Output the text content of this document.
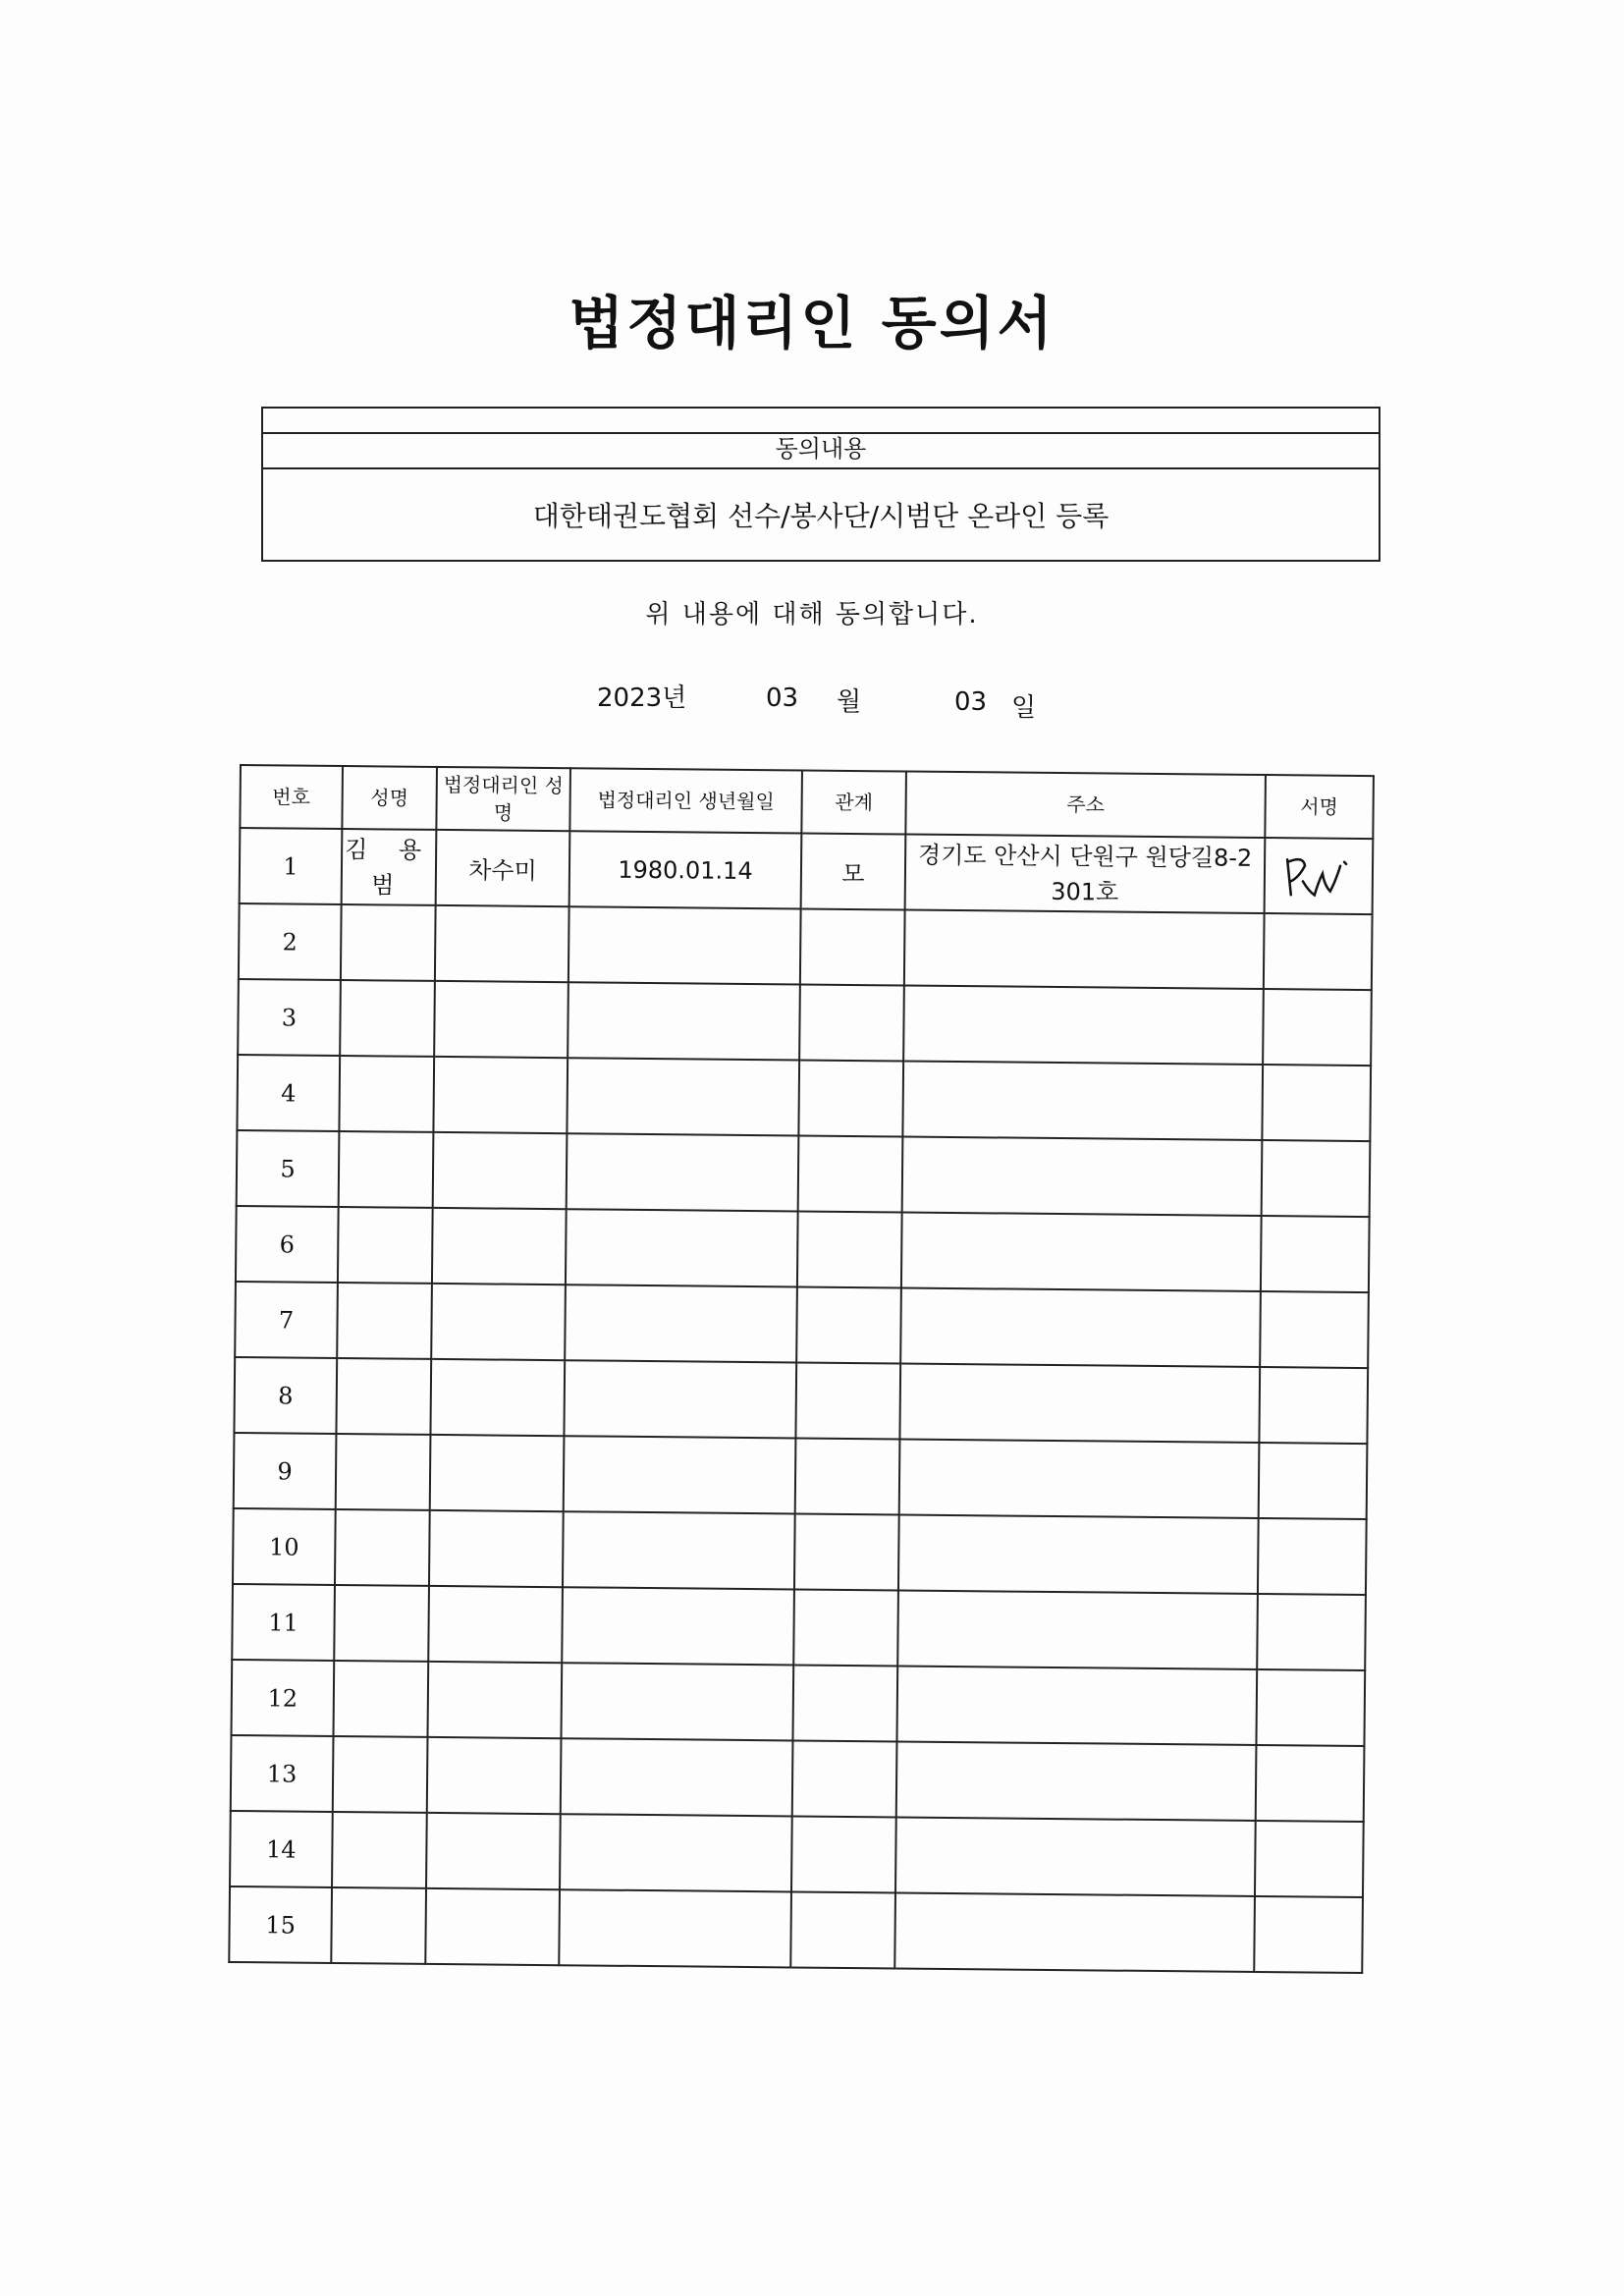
법정대리인 동의서
동의내용
대한태권도협회 선수/봉사단/시범단 온라인 등록
위 내용에 대해 동의합니다.
2023년	03 월	03 일
번호	성명	법정대리인 성명	법정대리인 생년월일	관계	주소	서명
1	김 용 범	차수미	1980.01.14	모	경기도 안산시 단원구 원당길8-2 301호	

2						
3						
4						
5						
6						
7						
8						
9						
10						
11						
12						
13						
14						
15						
